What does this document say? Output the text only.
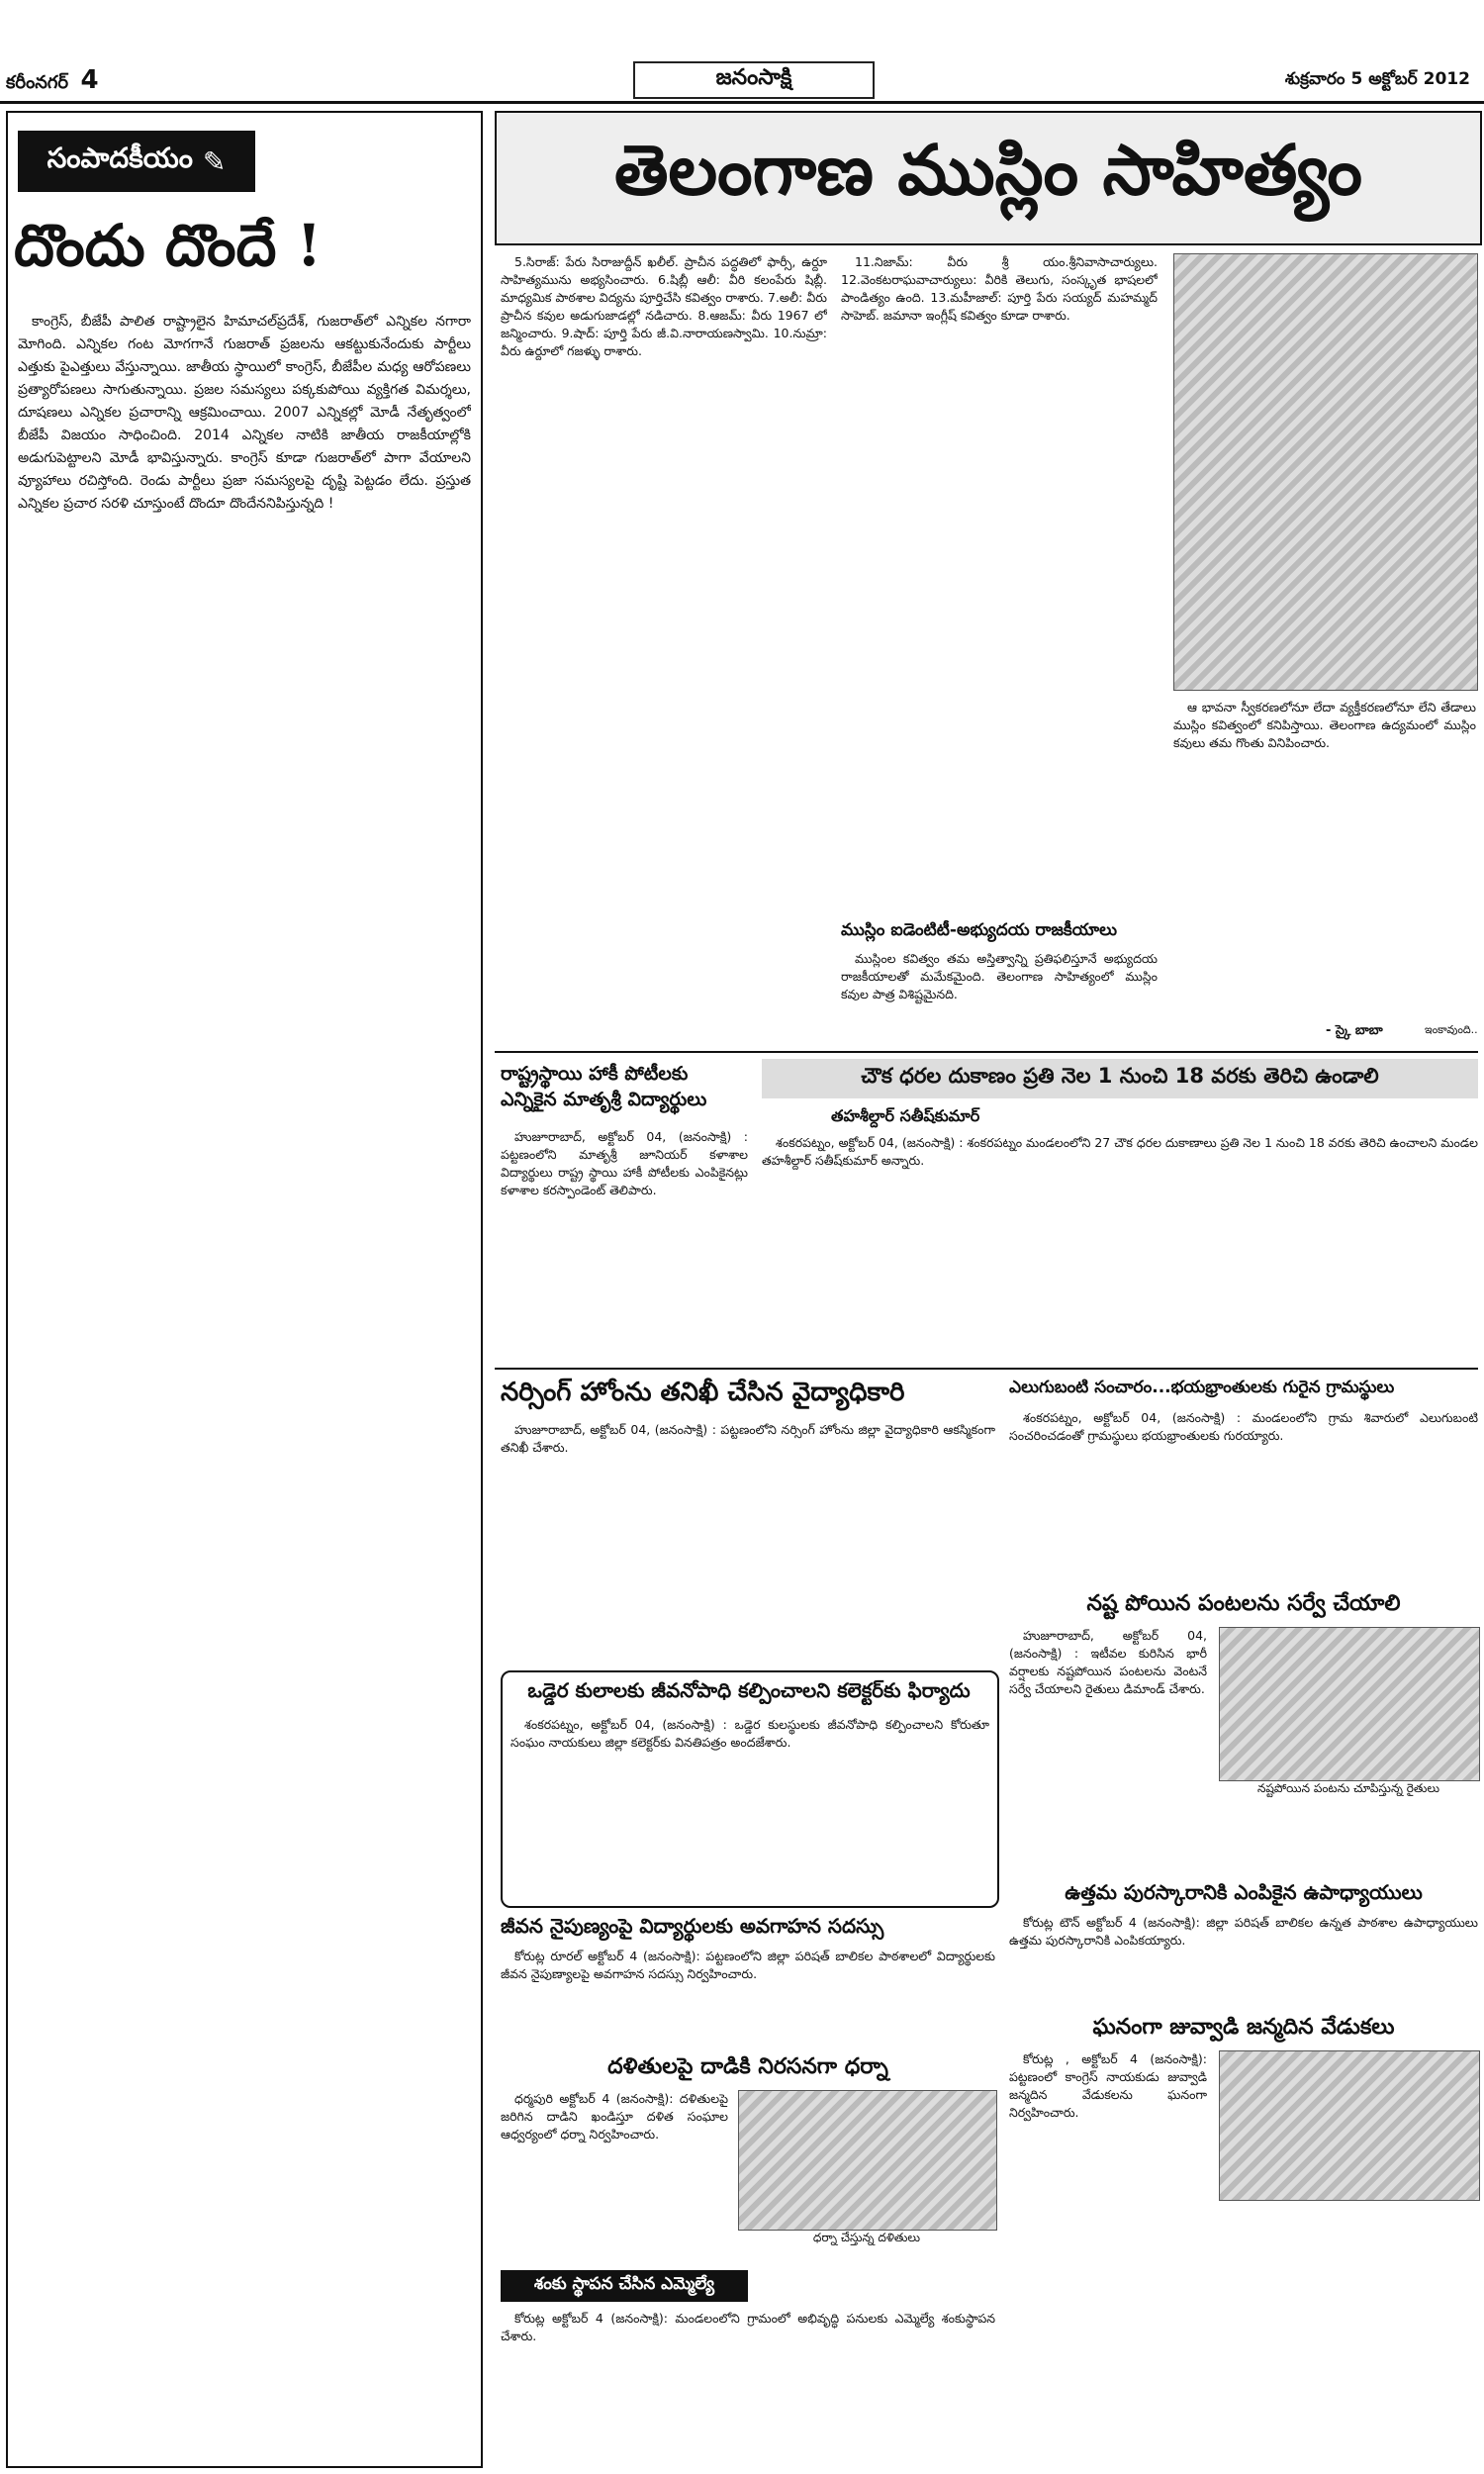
కరీంనగర్ 4	జనంసాక్షి	శుక్రవారం 5 అక్టోబర్ 2012
సంపాదకీయం ✎
దొందు దొందే !

కాంగ్రెస్, బీజేపీ పాలిత రాష్ట్రాలైన హిమాచల్‌ప్రదేశ్, గుజరాత్‌లో ఎన్నికల నగారా మోగింది. ఎన్నికల గంట మోగగానే గుజరాత్ ప్రజలను ఆకట్టుకునేందుకు పార్టీలు ఎత్తుకు పైఎత్తులు వేస్తున్నాయి. జాతీయ స్థాయిలో కాంగ్రెస్, బీజేపీల మధ్య ఆరోపణలు ప్రత్యారోపణలు సాగుతున్నాయి. ప్రజల సమస్యలు పక్కకుపోయి వ్యక్తిగత విమర్శలు, దూషణలు ఎన్నికల ప్రచారాన్ని ఆక్రమించాయి. 2007 ఎన్నికల్లో మోడీ నేతృత్వంలో బీజేపీ విజయం సాధించింది. 2014 ఎన్నికల నాటికి జాతీయ రాజకీయాల్లోకి అడుగుపెట్టాలని మోడీ భావిస్తున్నారు. కాంగ్రెస్ కూడా గుజరాత్‌లో పాగా వేయాలని వ్యూహాలు రచిస్తోంది. రెండు పార్టీలు ప్రజా సమస్యలపై దృష్టి పెట్టడం లేదు. ప్రస్తుత ఎన్నికల ప్రచార సరళి చూస్తుంటే దొందూ దొందేననిపిస్తున్నది !

తెలంగాణ ముస్లిం సాహిత్యం

5.సిరాజ్: పేరు సిరాజుద్దీన్ ఖలీల్. ప్రాచీన పద్ధతిలో ఫార్సీ, ఉర్దూ సాహిత్యమును అభ్యసించారు. 6.షిబ్లీ ఆలీ: వీరి కలంపేరు షిబ్లీ. మాధ్యమిక పాఠశాల విద్యను పూర్తిచేసి కవిత్వం రాశారు. 7.అలీ: వీరు ప్రాచీన కవుల అడుగుజాడల్లో నడిచారు. 8.ఆజమ్: వీరు 1967 లో జన్మించారు. 9.షాద్: పూర్తి పేరు జీ.వి.నారాయణస్వామి. 10.నుమ్రా: వీరు ఉర్దూలో గజళ్ళు రాశారు.

11.నిజామ్: వీరు శ్రీ యం.శ్రీనివాసాచార్యులు. 12.వెంకటరాఘవాచార్యులు: వీరికి తెలుగు, సంస్కృత భాషలలో పాండిత్యం ఉంది. 13.మహీజాల్: పూర్తి పేరు సయ్యద్ మహమ్మద్ సాహెబ్. జమానా ఇంగ్లీష్ కవిత్వం కూడా రాశారు.

ముస్లిం ఐడెంటిటీ-అభ్యుదయ రాజకీయాలు

ముస్లింల కవిత్వం తమ అస్తిత్వాన్ని ప్రతిఫలిస్తూనే అభ్యుదయ రాజకీయాలతో మమేకమైంది. తెలంగాణ సాహిత్యంలో ముస్లిం కవుల పాత్ర విశిష్టమైనది.

ఆ భావనా స్వీకరణలోనూ లేదా వ్యక్తీకరణలోనూ లేని తేడాలు ముస్లిం కవిత్వంలో కనిపిస్తాయి. తెలంగాణ ఉద్యమంలో ముస్లిం కవులు తమ గొంతు వినిపించారు.

- స్కై బాబా	ఇంకావుంది..
రాష్ట్రస్థాయి హాకీ పోటీలకు ఎన్నికైన మాతృశ్రీ విద్యార్థులు

హుజూరాబాద్, అక్టోబర్ 04, (జనంసాక్షి) : పట్టణంలోని మాతృశ్రీ జూనియర్ కళాశాల విద్యార్థులు రాష్ట్ర స్థాయి హాకీ పోటీలకు ఎంపికైనట్లు కళాశాల కరస్పాండెంట్ తెలిపారు.

చౌక ధరల దుకాణం ప్రతి నెల 1 నుంచి 18 వరకు తెరిచి ఉండాలి
తహశీల్దార్ సతీష్‌కుమార్

శంకరపట్నం, అక్టోబర్ 04, (జనంసాక్షి) : శంకరపట్నం మండలంలోని 27 చౌక ధరల దుకాణాలు ప్రతి నెల 1 నుంచి 18 వరకు తెరిచి ఉంచాలని మండల తహశీల్దార్ సతీష్‌కుమార్ అన్నారు.

నర్సింగ్ హోంను తనిఖీ చేసిన వైద్యాధికారి

హుజూరాబాద్, అక్టోబర్ 04, (జనంసాక్షి) : పట్టణంలోని నర్సింగ్ హోంను జిల్లా వైద్యాధికారి ఆకస్మికంగా తనిఖీ చేశారు.

ఎలుగుబంటి సంచారం...భయభ్రాంతులకు గురైన గ్రామస్థులు

శంకరపట్నం, అక్టోబర్ 04, (జనంసాక్షి) : మండలంలోని గ్రామ శివారులో ఎలుగుబంటి సంచరించడంతో గ్రామస్థులు భయభ్రాంతులకు గురయ్యారు.

నష్ట పోయిన పంటలను సర్వే చేయాలి

హుజూరాబాద్, అక్టోబర్ 04, (జనంసాక్షి) : ఇటీవల కురిసిన భారీ వర్షాలకు నష్టపోయిన పంటలను వెంటనే సర్వే చేయాలని రైతులు డిమాండ్ చేశారు.

నష్టపోయిన పంటను చూపిస్తున్న రైతులు
ఒడ్డెర కులాలకు జీవనోపాధి కల్పించాలని కలెక్టర్‌కు ఫిర్యాదు

శంకరపట్నం, అక్టోబర్ 04, (జనంసాక్షి) : ఒడ్డెర కులస్థులకు జీవనోపాధి కల్పించాలని కోరుతూ సంఘం నాయకులు జిల్లా కలెక్టర్‌కు వినతిపత్రం అందజేశారు.

జీవన నైపుణ్యంపై విద్యార్థులకు అవగాహన సదస్సు

కోరుట్ల రూరల్ అక్టోబర్ 4 (జనంసాక్షి): పట్టణంలోని జిల్లా పరిషత్ బాలికల పాఠశాలలో విద్యార్థులకు జీవన నైపుణ్యాలపై అవగాహన సదస్సు నిర్వహించారు.

ఉత్తమ పురస్కారానికి ఎంపికైన ఉపాధ్యాయులు

కోరుట్ల టౌన్ అక్టోబర్ 4 (జనంసాక్షి): జిల్లా పరిషత్ బాలికల ఉన్నత పాఠశాల ఉపాధ్యాయులు ఉత్తమ పురస్కారానికి ఎంపికయ్యారు.

దళితులపై దాడికి నిరసనగా ధర్నా

ధర్మపురి అక్టోబర్ 4 (జనంసాక్షి): దళితులపై జరిగిన దాడిని ఖండిస్తూ దళిత సంఘాల ఆధ్వర్యంలో ధర్నా నిర్వహించారు.

ధర్నా చేస్తున్న దళితులు
ఘనంగా జువ్వాడి జన్మదిన వేడుకలు

కోరుట్ల , అక్టోబర్ 4 (జనంసాక్షి): పట్టణంలో కాంగ్రెస్ నాయకుడు జువ్వాడి జన్మదిన వేడుకలను ఘనంగా నిర్వహించారు.

శంకు స్థాపన చేసిన ఎమ్మెల్యే

కోరుట్ల అక్టోబర్ 4 (జనంసాక్షి): మండలంలోని గ్రామంలో అభివృద్ధి పనులకు ఎమ్మెల్యే శంకుస్థాపన చేశారు.
